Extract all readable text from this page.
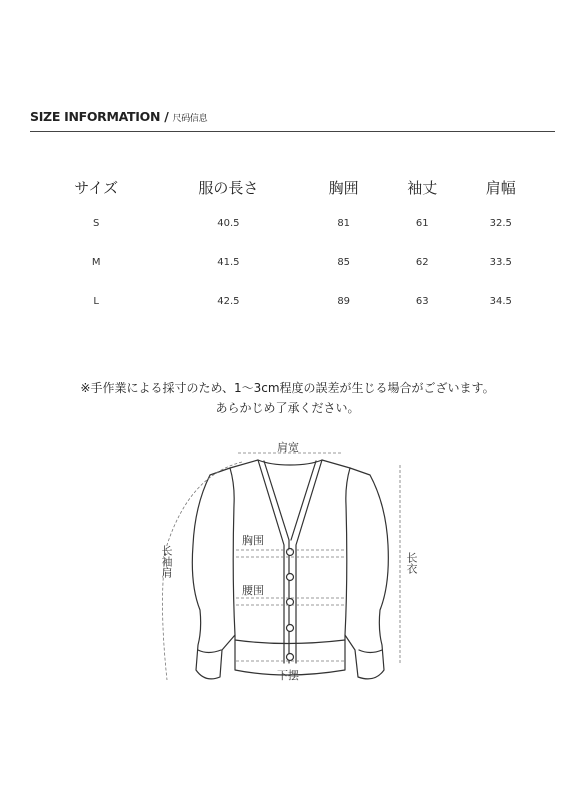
SIZE INFORMATION / 尺码信息
サイズ	服の長さ	胸囲	袖丈	肩幅
S	40.5	81	61	32.5
M	41.5	85	62	33.5
L	42.5	89	63	34.5
※手作業による採寸のため、1〜3cm程度の誤差が生じる場合がございます。
あらかじめ了承ください。
肩宽
胸围
腰围
长袖肩	长衣
下摆
